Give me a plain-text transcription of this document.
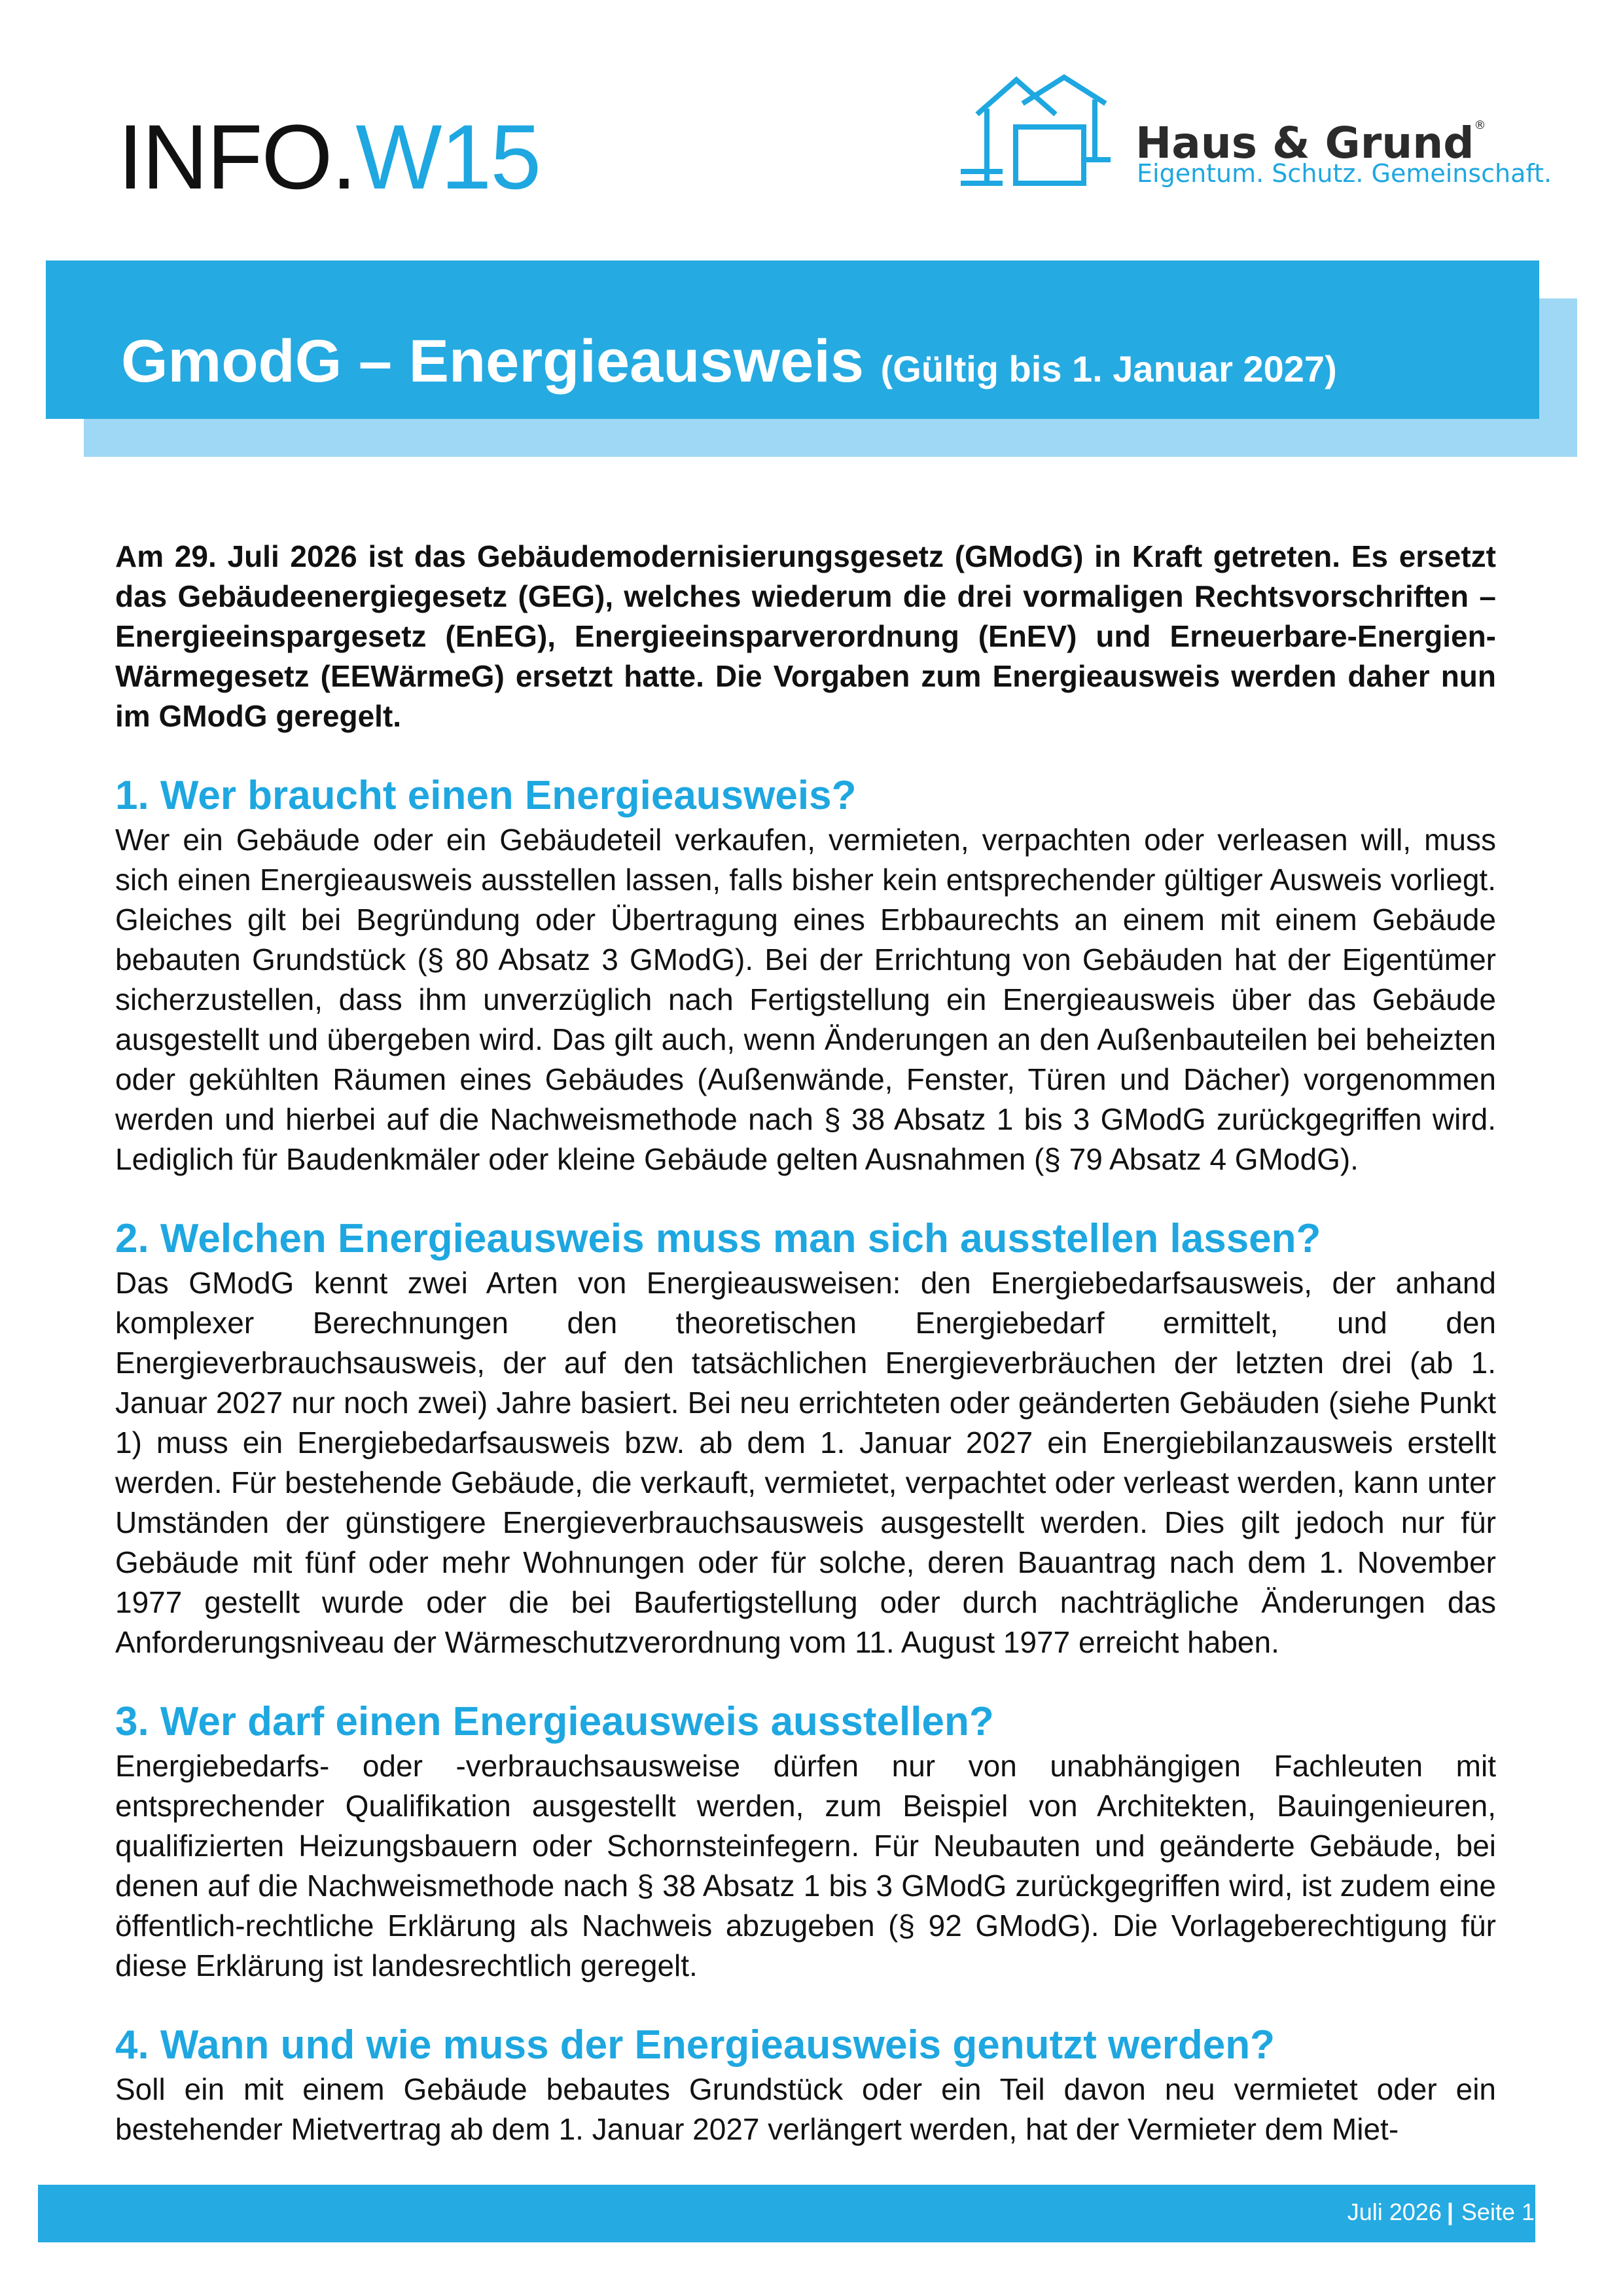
INFO.W15	Haus & Grund®
Eigentum. Schutz. Gemeinschaft.
GmodG – Energieausweis (Gültig bis 1. Januar 2027)

Am 29. Juli 2026 ist das Gebäudemodernisierungsgesetz (GModG) in Kraft getreten. Es ersetzt das Gebäudeenergiegesetz (GEG), welches wiederum die drei vormaligen Rechtsvorschriften – Energieeinspargesetz (EnEG), Energieeinsparverordnung (EnEV) und Erneuerbare-Energien-Wärmegesetz (EEWärmeG) ersetzt hatte. Die Vorgaben zum Energieausweis werden daher nun im GModG geregelt.

1. Wer braucht einen Energieausweis?

Wer ein Gebäude oder ein Gebäudeteil verkaufen, vermieten, verpachten oder verleasen will, muss sich einen Energieausweis ausstellen lassen, falls bisher kein entsprechender gültiger Ausweis vorliegt. Gleiches gilt bei Begründung oder Übertragung eines Erbbaurechts an einem mit einem Gebäude bebauten Grundstück (§ 80 Absatz 3 GModG). Bei der Errichtung von Gebäuden hat der Eigentümer sicherzustellen, dass ihm unverzüglich nach Fertigstellung ein Energieausweis über das Gebäude ausgestellt und übergeben wird. Das gilt auch, wenn Änderungen an den Außenbauteilen bei beheizten oder gekühlten Räumen eines Gebäudes (Außenwände, Fenster, Türen und Dächer) vorgenommen werden und hierbei auf die Nachweismethode nach § 38 Absatz 1 bis 3 GModG zurückgegriffen wird. Lediglich für Baudenkmäler oder kleine Gebäude gelten Ausnahmen (§ 79 Absatz 4 GModG).

2. Welchen Energieausweis muss man sich ausstellen lassen?

Das GModG kennt zwei Arten von Energieausweisen: den Energiebedarfsausweis, der anhand komplexer Berechnungen den theoretischen Energiebedarf ermittelt, und den Energieverbrauchsausweis, der auf den tatsächlichen Energieverbräuchen der letzten drei (ab 1. Januar 2027 nur noch zwei) Jahre basiert. Bei neu errichteten oder geänderten Gebäuden (siehe Punkt 1) muss ein Energiebedarfsausweis bzw. ab dem 1. Januar 2027 ein Energiebilanzausweis erstellt werden. Für bestehende Gebäude, die verkauft, vermietet, verpachtet oder verleast werden, kann unter Umständen der günstigere Energieverbrauchsausweis ausgestellt werden. Dies gilt jedoch nur für Gebäude mit fünf oder mehr Wohnungen oder für solche, deren Bauantrag nach dem 1. November 1977 gestellt wurde oder die bei Baufertigstellung oder durch nachträgliche Änderungen das Anforderungsniveau der Wärmeschutzverordnung vom 11. August 1977 erreicht haben.

3. Wer darf einen Energieausweis ausstellen?

Energiebedarfs- oder -verbrauchsausweise dürfen nur von unabhängigen Fachleuten mit entsprechender Qualifikation ausgestellt werden, zum Beispiel von Architekten, Bauingenieuren, qualifizierten Heizungsbauern oder Schornsteinfegern. Für Neubauten und geänderte Gebäude, bei denen auf die Nachweismethode nach § 38 Absatz 1 bis 3 GModG zurückgegriffen wird, ist zudem eine öffentlich-rechtliche Erklärung als Nachweis abzugeben (§ 92 GModG). Die Vorlageberechtigung für diese Erklärung ist landesrechtlich geregelt.

4. Wann und wie muss der Energieausweis genutzt werden?

Soll ein mit einem Gebäude bebautes Grundstück oder ein Teil davon neu vermietet oder ein bestehender Mietvertrag ab dem 1. Januar 2027 verlängert werden, hat der Vermieter dem Miet-

Juli 2026 | Seite 1
